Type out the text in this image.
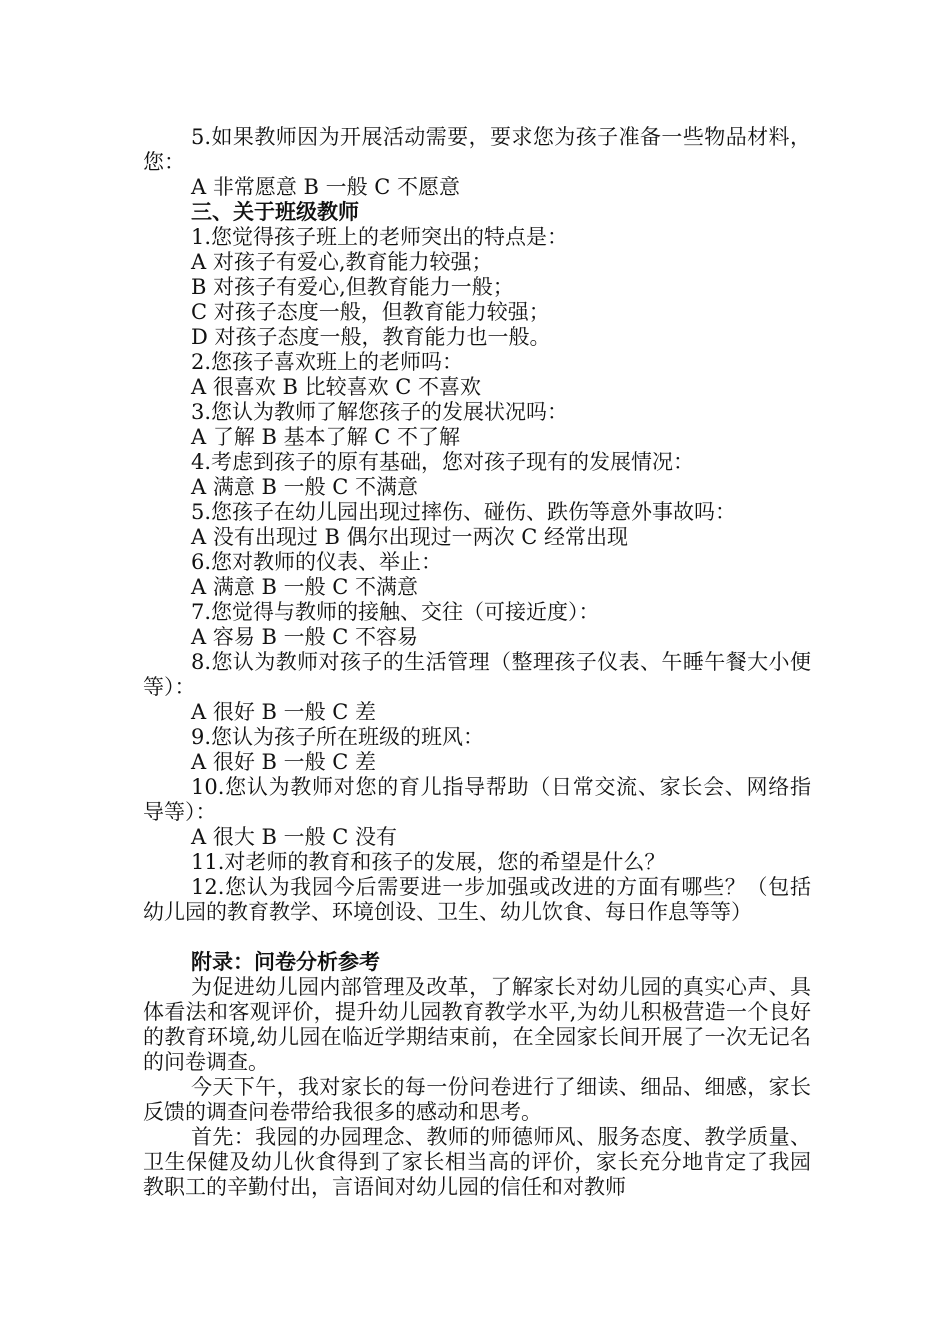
5.如果教师因为开展活动需要，要求您为孩子准备一些物品材料，您：
A 非常愿意 B 一般 C 不愿意
三、关于班级教师
1.您觉得孩子班上的老师突出的特点是：
A 对孩子有爱心,教育能力较强；
B 对孩子有爱心,但教育能力一般；
C 对孩子态度一般，但教育能力较强；
D 对孩子态度一般，教育能力也一般。
2.您孩子喜欢班上的老师吗：
A 很喜欢 B 比较喜欢 C 不喜欢
3.您认为教师了解您孩子的发展状况吗：
A 了解 B 基本了解 C 不了解
4.考虑到孩子的原有基础，您对孩子现有的发展情况：
A 满意 B 一般 C 不满意
5.您孩子在幼儿园出现过摔伤、碰伤、跌伤等意外事故吗：
A 没有出现过 B 偶尔出现过一两次 C 经常出现
6.您对教师的仪表、举止：
A 满意 B 一般 C 不满意
7.您觉得与教师的接触、交往（可接近度）：
A 容易 B 一般 C 不容易
8.您认为教师对孩子的生活管理（整理孩子仪表、午睡午餐大小便等）：
A 很好 B 一般 C 差
9.您认为孩子所在班级的班风：
A 很好 B 一般 C 差
10.您认为教师对您的育儿指导帮助（日常交流、家长会、网络指导等）：
A 很大 B 一般 C 没有
11.对老师的教育和孩子的发展，您的希望是什么？
12.您认为我园今后需要进一步加强或改进的方面有哪些？（包括幼儿园的教育教学、环境创设、卫生、幼儿饮食、每日作息等等）
附录：问卷分析参考
为促进幼儿园内部管理及改革，了解家长对幼儿园的真实心声、具体看法和客观评价，提升幼儿园教育教学水平,为幼儿积极营造一个良好的教育环境,幼儿园在临近学期结束前，在全园家长间开展了一次无记名的问卷调查。
今天下午，我对家长的每一份问卷进行了细读、细品、细感，家长反馈的调查问卷带给我很多的感动和思考。
首先：我园的办园理念、教师的师德师风、服务态度、教学质量、卫生保健及幼儿伙食得到了家长相当高的评价，家长充分地肯定了我园教职工的辛勤付出，言语间对幼儿园的信任和对教师
